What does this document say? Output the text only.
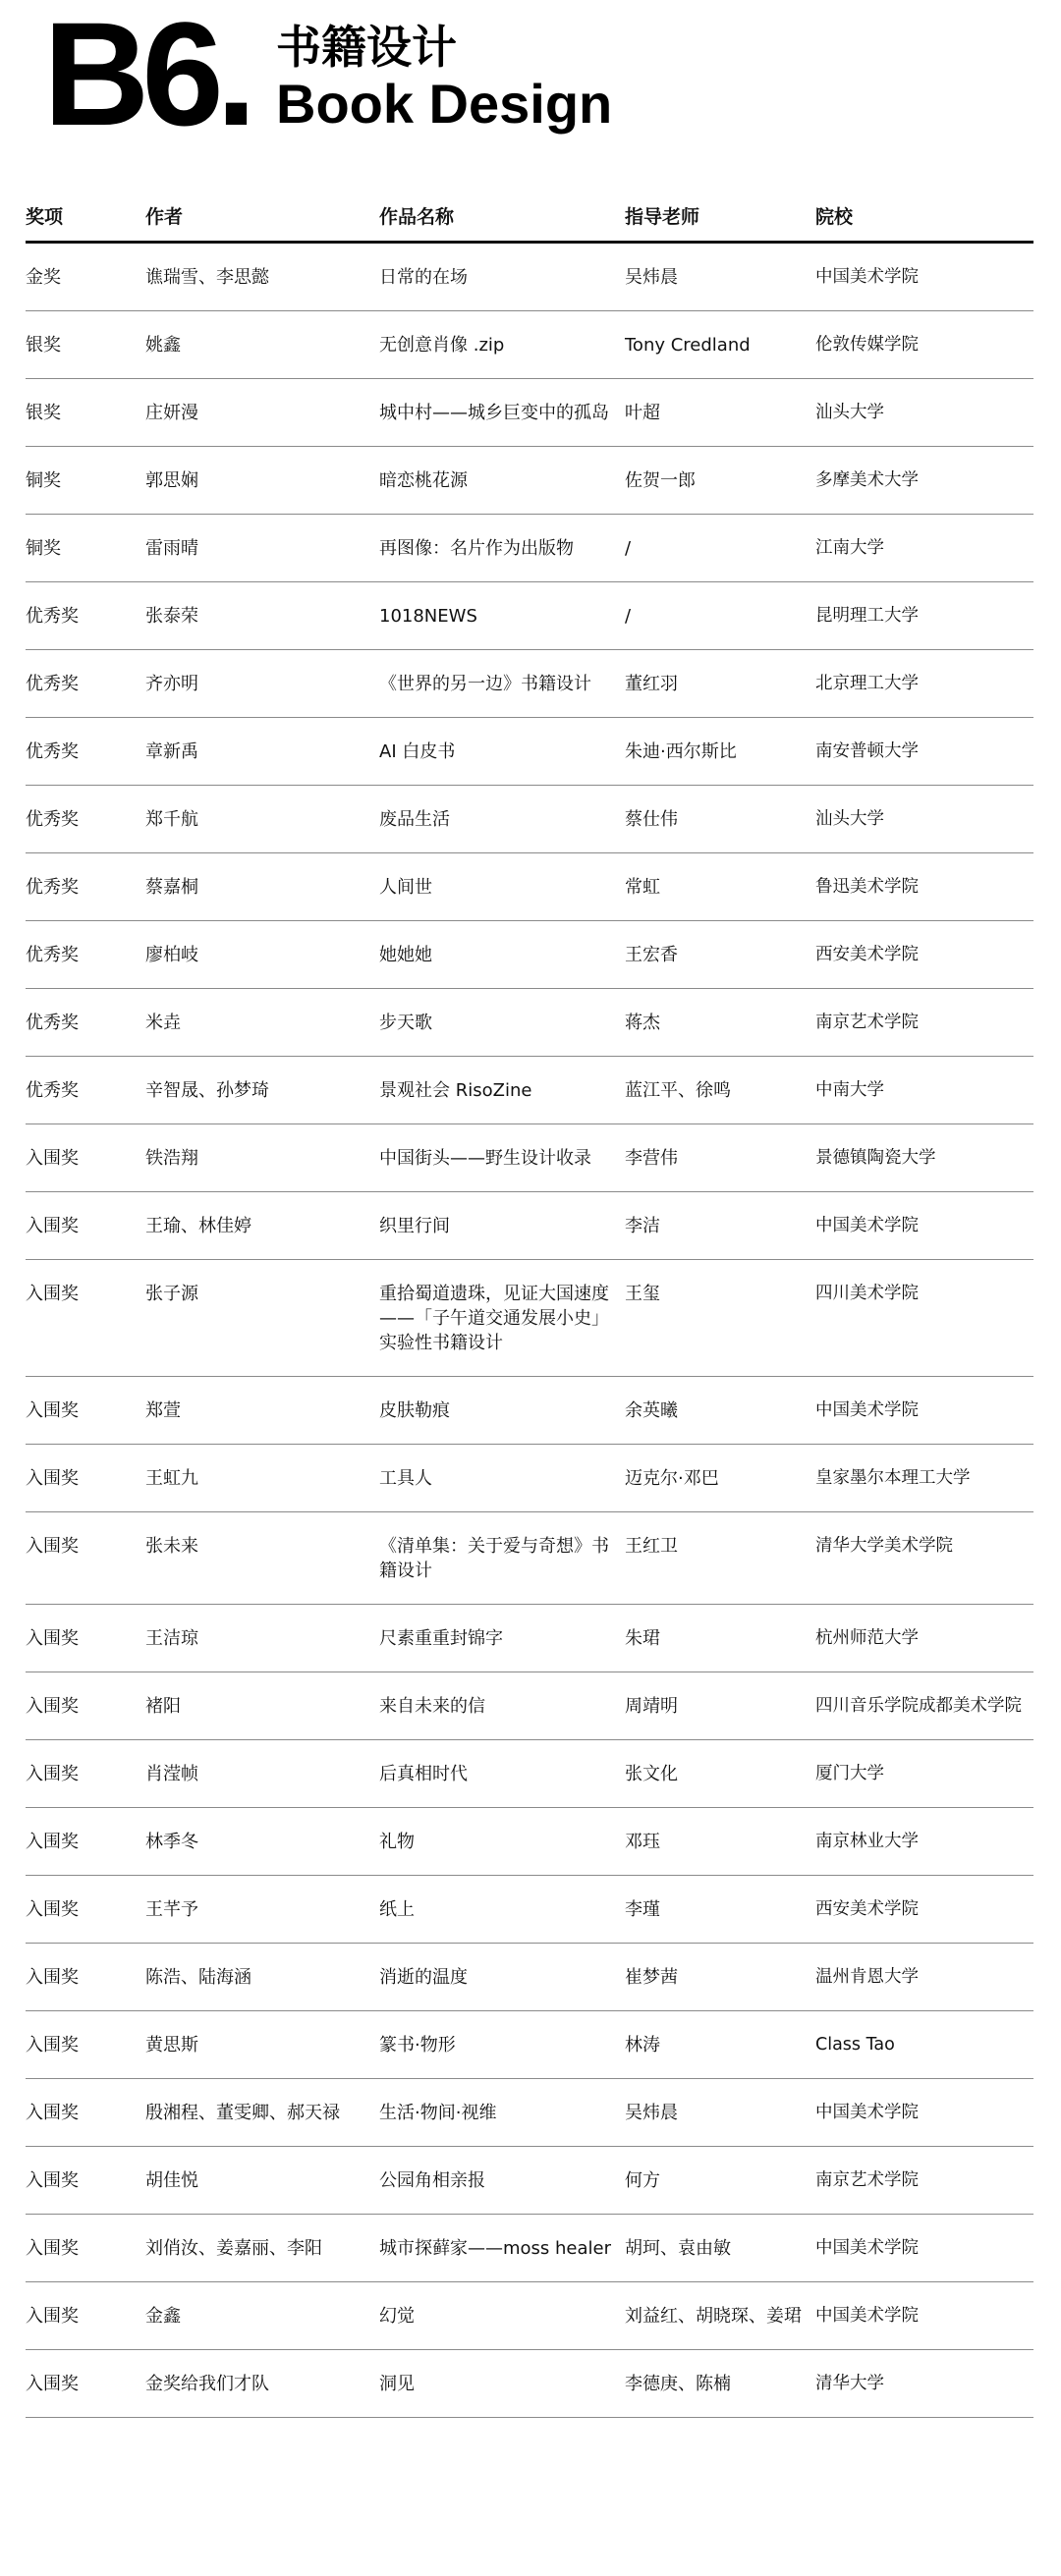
B6. 书籍设计
Book Design
奖项	作者	作品名称	指导老师	院校
金奖	谯瑞雪、李思懿	日常的在场	吴炜晨	中国美术学院
银奖	姚鑫	无创意肖像 .zip	Tony Credland	伦敦传媒学院
银奖	庄妍漫	城中村——城乡巨变中的孤岛	叶超	汕头大学
铜奖	郭思娴	暗恋桃花源	佐贺一郎	多摩美术大学
铜奖	雷雨晴	再图像：名片作为出版物	/	江南大学
优秀奖	张泰荣	1018NEWS	/	昆明理工大学
优秀奖	齐亦明	《世界的另一边》书籍设计	董红羽	北京理工大学
优秀奖	章新禹	AI 白皮书	朱迪·西尔斯比	南安普顿大学
优秀奖	郑千航	废品生活	蔡仕伟	汕头大学
优秀奖	蔡嘉桐	人间世	常虹	鲁迅美术学院
优秀奖	廖柏岐	她她她	王宏香	西安美术学院
优秀奖	米垚	步天歌	蒋杰	南京艺术学院
优秀奖	辛智晟、孙梦琦	景观社会 RisoZine	蓝江平、徐鸣	中南大学
入围奖	铁浩翔	中国街头——野生设计收录	李营伟	景德镇陶瓷大学
入围奖	王瑜、林佳婷	织里行间	李洁	中国美术学院
入围奖	张子源	重拾蜀道遗珠，见证大国速度 ——「子午道交通发展小史」实验性书籍设计	王玺	四川美术学院
入围奖	郑萱	皮肤勒痕	余英曦	中国美术学院
入围奖	王虹九	工具人	迈克尔·邓巴	皇家墨尔本理工大学
入围奖	张未来	《清单集：关于爱与奇想》书籍设计	王红卫	清华大学美术学院
入围奖	王洁琼	尺素重重封锦字	朱珺	杭州师范大学
入围奖	褚阳	来自未来的信	周靖明	四川音乐学院成都美术学院
入围奖	肖滢帧	后真相时代	张文化	厦门大学
入围奖	林季冬	礼物	邓珏	南京林业大学
入围奖	王芊予	纸上	李瑾	西安美术学院
入围奖	陈浩、陆海涵	消逝的温度	崔梦茜	温州肯恩大学
入围奖	黄思斯	篆书·物形	林涛	Class Tao
入围奖	殷湘程、董雯卿、郝天禄	生活·物间·视维	吴炜晨	中国美术学院
入围奖	胡佳悦	公园角相亲报	何方	南京艺术学院
入围奖	刘俏汝、姜嘉丽、李阳	城市探藓家——moss healer	胡珂、袁由敏	中国美术学院
入围奖	金鑫	幻觉	刘益红、胡晓琛、姜珺	中国美术学院
入围奖	金奖给我们才队	洞见	李德庚、陈楠	清华大学
